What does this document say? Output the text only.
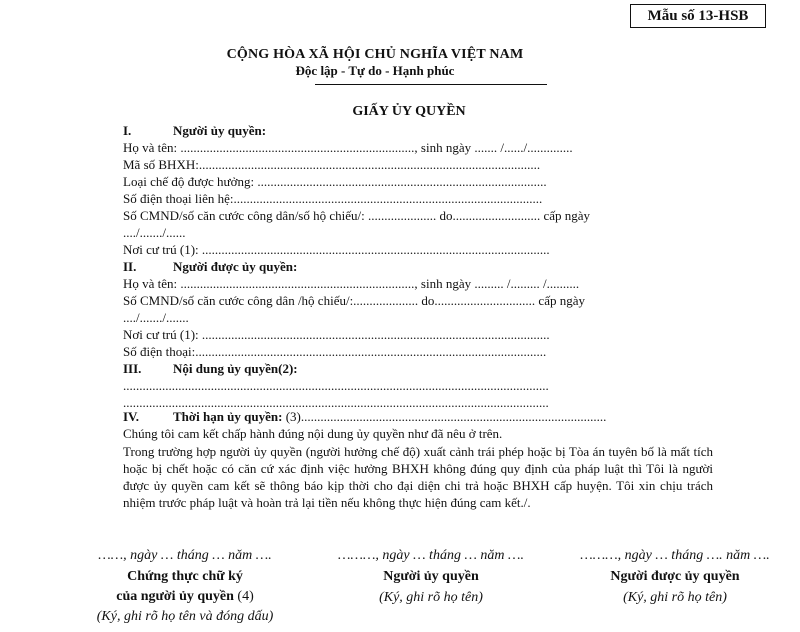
Mẫu số 13-HSB
CỘNG HÒA XÃ HỘI CHỦ NGHĨA VIỆT NAM
Độc lập - Tự do - Hạnh phúc
GIẤY ỦY QUYỀN
I.	Người ủy quyền:
Họ và tên: ........................................................................, sinh ngày ....... /....../..............
Mã số BHXH:.........................................................................................................
Loại chế độ được hưởng: .........................................................................................
Số điện thoại liên hệ:...............................................................................................
Số CMND/số căn cước công dân/số hộ chiếu/: ..................... do........................... cấp ngày
..../......./......
Nơi cư trú (1): ...........................................................................................................
II.	Người được ủy quyền:
Họ và tên: ........................................................................, sinh ngày ......... /......... /..........
Số CMND/số căn cước công dân /hộ chiếu/:.................... do............................... cấp ngày
..../......./.......
Nơi cư trú (1): ...........................................................................................................
Số điện thoại:............................................................................................................
III. Nội dung ủy quyền(2):
...................................................................................................................................
...................................................................................................................................
IV.	Thời hạn ủy quyền: (3)..............................................................................................
Chúng tôi cam kết chấp hành đúng nội dung ủy quyền như đã nêu ở trên.
Trong trường hợp người ủy quyền (người hưởng chế độ) xuất cảnh trái phép hoặc bị Tòa án tuyên bố là mất tích hoặc bị chết hoặc có căn cứ xác định việc hưởng BHXH không đúng quy định của pháp luật thì Tôi là người được ủy quyền cam kết sẽ thông báo kịp thời cho đại diện chi trả hoặc BHXH cấp huyện. Tôi xin chịu trách nhiệm trước pháp luật và hoàn trả lại tiền nếu không thực hiện đúng cam kết./.
……, ngày … tháng … năm ….	………, ngày … tháng … năm ….	………, ngày … tháng …. năm ….
Chứng thực chữ ký
của người ủy quyền (4)
(Ký, ghi rõ họ tên và đóng dấu)
Người ủy quyền
(Ký, ghi rõ họ tên)
Người được ủy quyền
(Ký, ghi rõ họ tên)
